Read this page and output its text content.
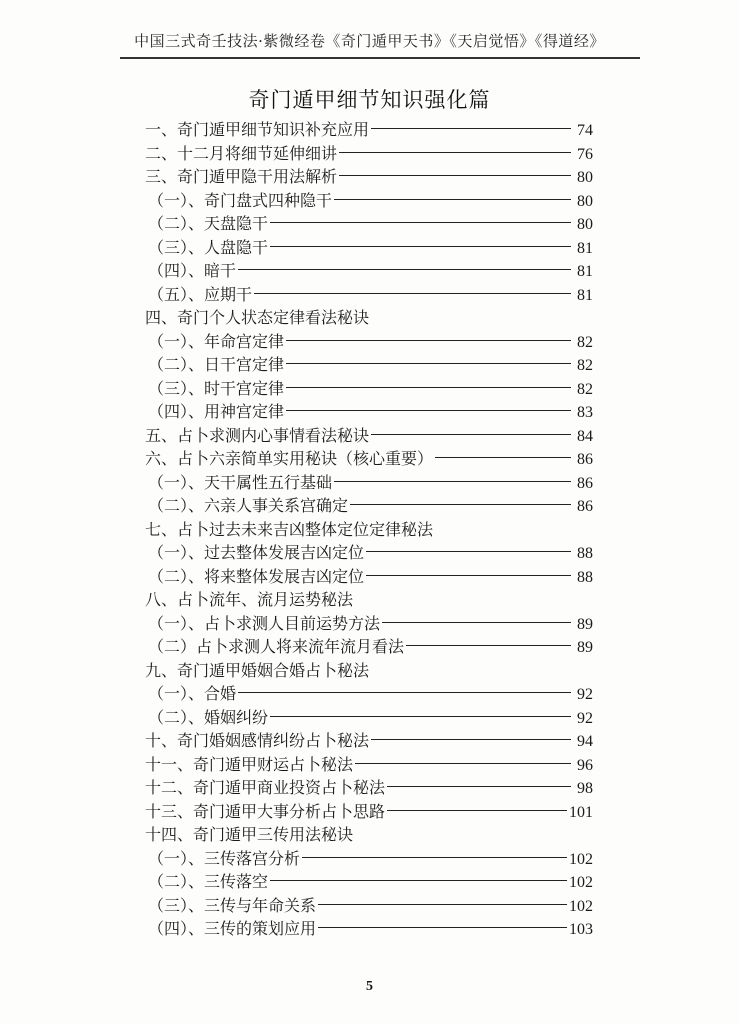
中国三式奇壬技法·紫微经卷《奇门遁甲天书》《天启觉悟》《得道经》
奇门遁甲细节知识强化篇
一、奇门遁甲细节知识补充应用	74
二、十二月将细节延伸细讲	76
三、奇门遁甲隐干用法解析	80
（一）、奇门盘式四种隐干	80
（二）、天盘隐干	80
（三）、人盘隐干	81
（四）、暗干	81
（五）、应期干	81
四、奇门个人状态定律看法秘诀
（一）、年命宫定律	82
（二）、日干宫定律	82
（三）、时干宫定律	82
（四）、用神宫定律	83
五、占卜求测内心事情看法秘诀	84
六、占卜六亲简单实用秘诀（核心重要）	86
（一）、天干属性五行基础	86
（二）、六亲人事关系宫确定	86
七、占卜过去未来吉凶整体定位定律秘法
（一）、过去整体发展吉凶定位	88
（二）、将来整体发展吉凶定位	88
八、占卜流年、流月运势秘法
（一）、占卜求测人目前运势方法	89
（二）占卜求测人将来流年流月看法	89
九、奇门遁甲婚姻合婚占卜秘法
（一）、合婚	92
（二）、婚姻纠纷	92
十、奇门婚姻感情纠纷占卜秘法	94
十一、奇门遁甲财运占卜秘法	96
十二、奇门遁甲商业投资占卜秘法	98
十三、奇门遁甲大事分析占卜思路	101
十四、奇门遁甲三传用法秘诀
（一）、三传落宫分析	102
（二）、三传落空	102
（三）、三传与年命关系	102
（四）、三传的策划应用	103
5
